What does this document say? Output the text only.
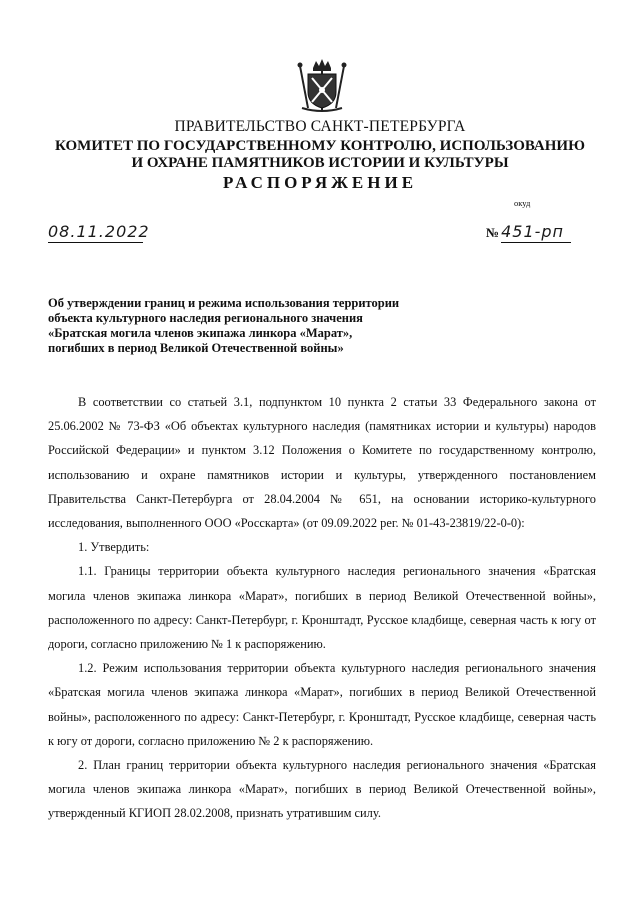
ПРАВИТЕЛЬСТВО САНКТ-ПЕТЕРБУРГА
КОМИТЕТ ПО ГОСУДАРСТВЕННОМУ КОНТРОЛЮ, ИСПОЛЬЗОВАНИЮ
И ОХРАНЕ ПАМЯТНИКОВ ИСТОРИИ И КУЛЬТУРЫ
РАСПОРЯЖЕНИЕ
окуд
08.11.2022	№ 451-рп
Об утверждении границ и режима использования территории
объекта культурного наследия регионального значения
«Братская могила членов экипажа линкора «Марат»,
погибших в период Великой Отечественной войны»

В соответствии со статьей 3.1, подпунктом 10 пункта 2 статьи 33 Федерального закона от 25.06.2002 № 73-ФЗ «Об объектах культурного наследия (памятниках истории и культуры) народов Российской Федерации» и пунктом 3.12 Положения о Комитете по государственному контролю, использованию и охране памятников истории и культуры, утвержденного постановлением Правительства Санкт-Петербурга от 28.04.2004 № 651, на основании историко-культурного исследования, выполненного ООО «Росскарта» (от 09.09.2022 рег. № 01-43-23819/22-0-0):

1. Утвердить:

1.1. Границы территории объекта культурного наследия регионального значения «Братская могила членов экипажа линкора «Марат», погибших в период Великой Отечественной войны», расположенного по адресу: Санкт-Петербург, г. Кронштадт, Русское кладбище, северная часть к югу от дороги, согласно приложению № 1 к распоряжению.

1.2. Режим использования территории объекта культурного наследия регионального значения «Братская могила членов экипажа линкора «Марат», погибших в период Великой Отечественной войны», расположенного по адресу: Санкт-Петербург, г. Кронштадт, Русское кладбище, северная часть к югу от дороги, согласно приложению № 2 к распоряжению.

2. План границ территории объекта культурного наследия регионального значения «Братская могила членов экипажа линкора «Марат», погибших в период Великой Отечественной войны», утвержденный КГИОП 28.02.2008, признать утратившим силу.
